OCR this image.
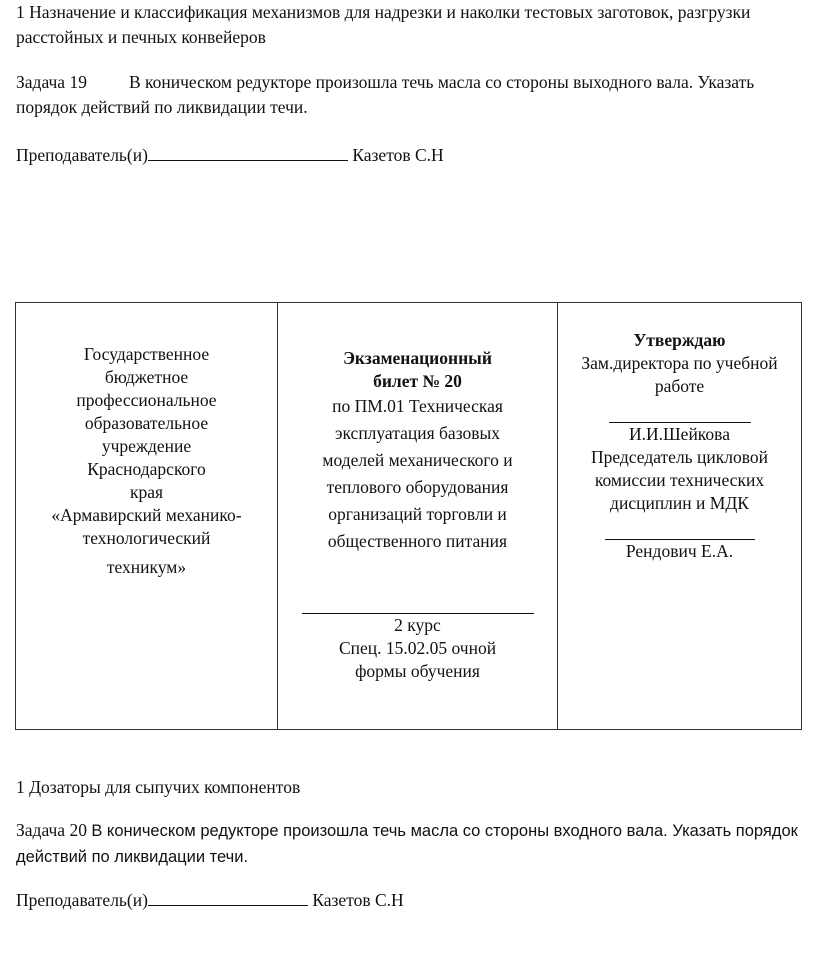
1 Назначение и классификация механизмов для надрезки и наколки тестовых заготовок, разгрузки расстойных и печных конвейеров
Задача 19 В коническом редукторе произошла течь масла со стороны выходного вала. Указать порядок действий по ликвидации течи.
Преподаватель(и)	Казетов С.Н
Государственное
бюджетное
профессиональное
образовательное
учреждение
Краснодарского
края
«Армавирский механико-
технологический
техникум»

Экзаменационный
билет № 20
по ПМ.01 Техническая
эксплуатация базовых
моделей механического и
теплового оборудования
организаций торговли и
общественного питания
2 курс
Спец. 15.02.05 очной
формы обучения

Утверждаю
Зам.директора по учебной
работе
И.И.Шейкова
Председатель цикловой
комиссии технических
дисциплин и МДК
Рендович Е.А.
1 Дозаторы для сыпучих компонентов
Задача 20 В коническом редукторе произошла течь масла со стороны входного вала. Указать порядок действий по ликвидации течи.
Преподаватель(и)	Казетов С.Н
